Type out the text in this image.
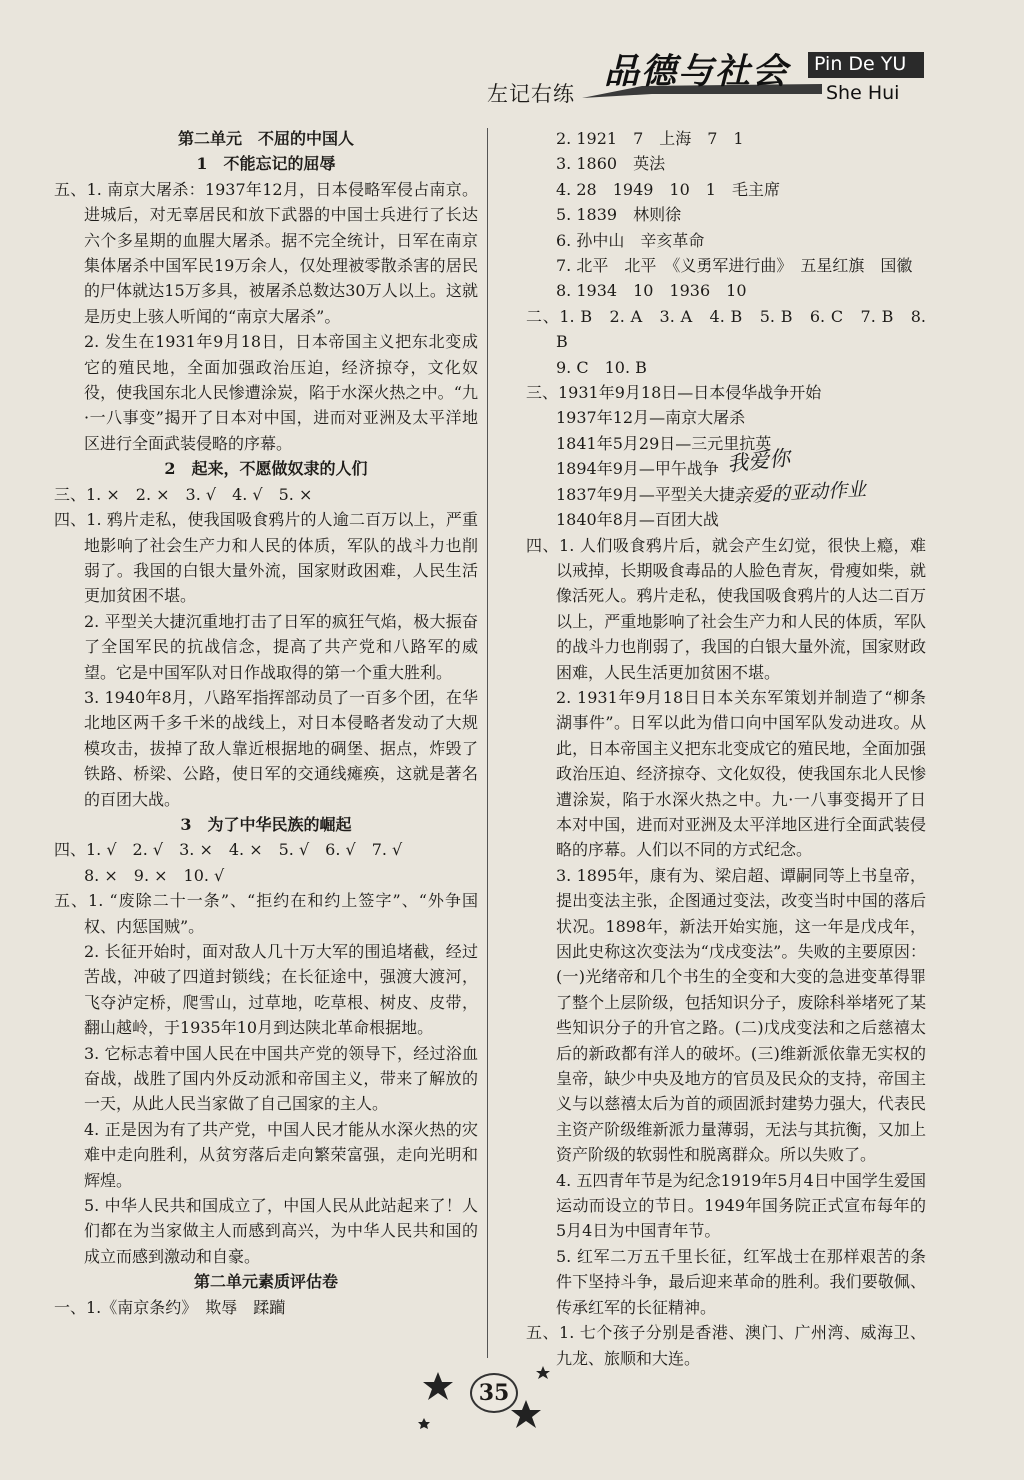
左记右练
品德与社会 Pin De YU
She Hui
第二单元　不屈的中国人
1　不能忘记的屈辱
五、1. 南京大屠杀：1937年12月，日本侵略军侵占南京。进城后，对无辜居民和放下武器的中国士兵进行了长达六个多星期的血腥大屠杀。据不完全统计，日军在南京集体屠杀中国军民19万余人，仅处理被零散杀害的居民的尸体就达15万多具，被屠杀总数达30万人以上。这就是历史上骇人听闻的“南京大屠杀”。
2. 发生在1931年9月18日，日本帝国主义把东北变成它的殖民地，全面加强政治压迫，经济掠夺，文化奴役，使我国东北人民惨遭涂炭，陷于水深火热之中。“九·一八事变”揭开了日本对中国，进而对亚洲及太平洋地区进行全面武装侵略的序幕。
2　起来，不愿做奴隶的人们
三、1. ×　2. ×　3. √　4. √　5. ×
四、1. 鸦片走私，使我国吸食鸦片的人逾二百万以上，严重地影响了社会生产力和人民的体质，军队的战斗力也削弱了。我国的白银大量外流，国家财政困难，人民生活更加贫困不堪。
2. 平型关大捷沉重地打击了日军的疯狂气焰，极大振奋了全国军民的抗战信念，提高了共产党和八路军的威望。它是中国军队对日作战取得的第一个重大胜利。
3. 1940年8月，八路军指挥部动员了一百多个团，在华北地区两千多千米的战线上，对日本侵略者发动了大规模攻击，拔掉了敌人靠近根据地的碉堡、据点，炸毁了铁路、桥梁、公路，使日军的交通线瘫痪，这就是著名的百团大战。
3　为了中华民族的崛起
四、1. √　2. √　3. ×　4. ×　5. √　6. √　7. √
8. ×　9. ×　10. √
五、1. “废除二十一条”、“拒约在和约上签字”、“外争国权、内惩国贼”。
2. 长征开始时，面对敌人几十万大军的围追堵截，经过苦战，冲破了四道封锁线；在长征途中，强渡大渡河，飞夺泸定桥，爬雪山，过草地，吃草根、树皮、皮带，翻山越岭，于1935年10月到达陕北革命根据地。
3. 它标志着中国人民在中国共产党的领导下，经过浴血奋战，战胜了国内外反动派和帝国主义，带来了解放的一天，从此人民当家做了自己国家的主人。
4. 正是因为有了共产党，中国人民才能从水深火热的灾难中走向胜利，从贫穷落后走向繁荣富强，走向光明和辉煌。
5. 中华人民共和国成立了，中国人民从此站起来了！人们都在为当家做主人而感到高兴，为中华人民共和国的成立而感到激动和自豪。
第二单元素质评估卷
一、1.《南京条约》　欺辱　蹂躏
2. 1921　7　上海　7　1
3. 1860　英法
4. 28　1949　10　1　毛主席
5. 1839　林则徐
6. 孙中山　辛亥革命
7. 北平　北平　《义勇军进行曲》　五星红旗　国徽
8. 1934　10　1936　10
二、1. B　2. A　3. A　4. B　5. B　6. C　7. B　8. B
9. C　10. B
三、1931年9月18日—日本侵华战争开始
1937年12月—南京大屠杀
1841年5月29日—三元里抗英
1894年9月—甲午战争
1837年9月—平型关大捷
1840年8月—百团大战
四、1. 人们吸食鸦片后，就会产生幻觉，很快上瘾，难以戒掉，长期吸食毒品的人脸色青灰，骨瘦如柴，就像活死人。鸦片走私，使我国吸食鸦片的人达二百万以上，严重地影响了社会生产力和人民的体质，军队的战斗力也削弱了，我国的白银大量外流，国家财政困难，人民生活更加贫困不堪。
2. 1931年9月18日日本关东军策划并制造了“柳条湖事件”。日军以此为借口向中国军队发动进攻。从此，日本帝国主义把东北变成它的殖民地，全面加强政治压迫、经济掠夺、文化奴役，使我国东北人民惨遭涂炭，陷于水深火热之中。九·一八事变揭开了日本对中国，进而对亚洲及太平洋地区进行全面武装侵略的序幕。人们以不同的方式纪念。
3. 1895年，康有为、梁启超、谭嗣同等上书皇帝，提出变法主张，企图通过变法，改变当时中国的落后状况。1898年，新法开始实施，这一年是戊戌年，因此史称这次变法为“戊戌变法”。失败的主要原因：(一)光绪帝和几个书生的全变和大变的急进变革得罪了整个上层阶级，包括知识分子，废除科举堵死了某些知识分子的升官之路。(二)戊戌变法和之后慈禧太后的新政都有洋人的破坏。(三)维新派依靠无实权的皇帝，缺少中央及地方的官员及民众的支持，帝国主义与以慈禧太后为首的顽固派封建势力强大，代表民主资产阶级维新派力量薄弱，无法与其抗衡，又加上资产阶级的软弱性和脱离群众。所以失败了。
4. 五四青年节是为纪念1919年5月4日中国学生爱国运动而设立的节日。1949年国务院正式宣布每年的5月4日为中国青年节。
5. 红军二万五千里长征，红军战士在那样艰苦的条件下坚持斗争，最后迎来革命的胜利。我们要敬佩、传承红军的长征精神。
五、1. 七个孩子分别是香港、澳门、广州湾、威海卫、九龙、旅顺和大连。
我爱你
亲爱的亚动作业
35
